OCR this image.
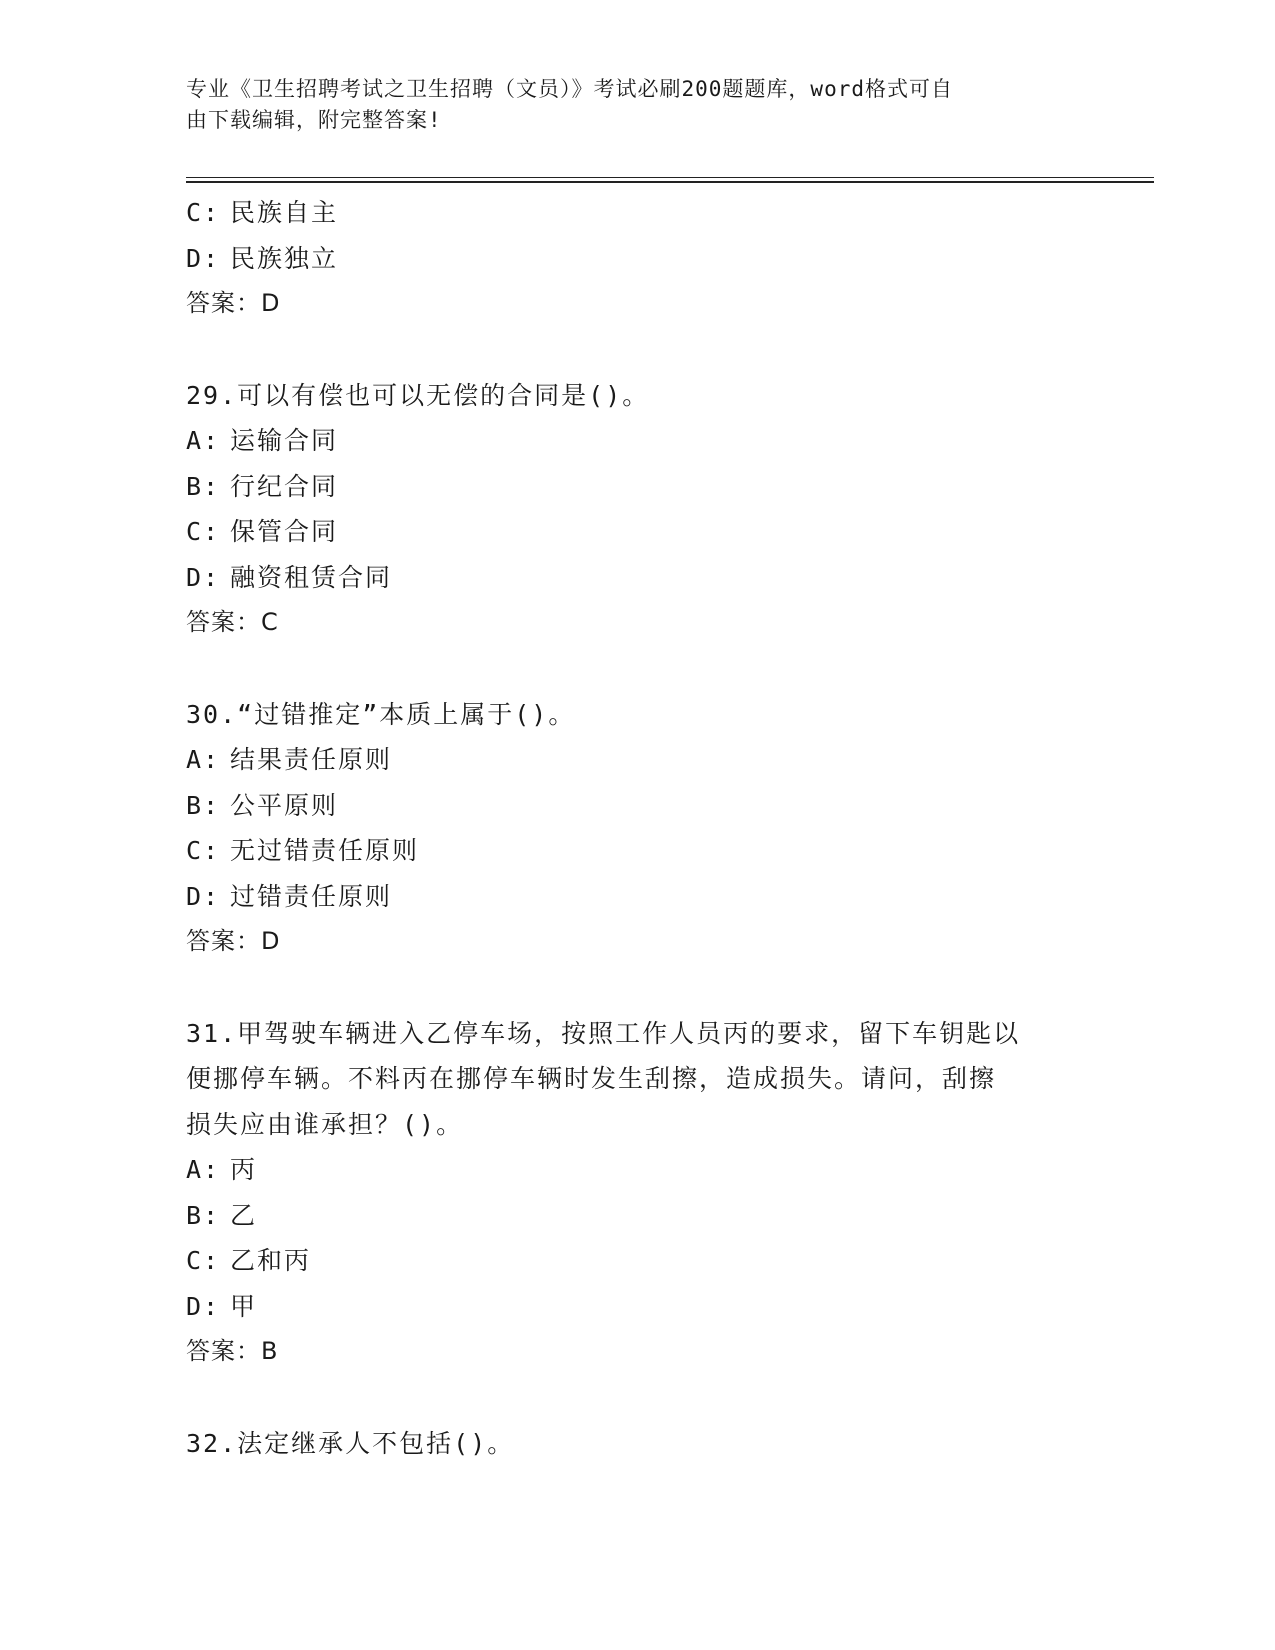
专业《卫生招聘考试之卫生招聘（文员）》考试必刷200题题库，word格式可自
由下载编辑，附完整答案!
C: 民族自主
D: 民族独立
答案：D
29.可以有偿也可以无偿的合同是()。
A: 运输合同
B: 行纪合同
C: 保管合同
D: 融资租赁合同
答案：C
30.“过错推定”本质上属于()。
A: 结果责任原则
B: 公平原则
C: 无过错责任原则
D: 过错责任原则
答案：D
31.甲驾驶车辆进入乙停车场，按照工作人员丙的要求，留下车钥匙以
便挪停车辆。不料丙在挪停车辆时发生刮擦，造成损失。请问，刮擦
损失应由谁承担？()。
A: 丙
B: 乙
C: 乙和丙
D: 甲
答案：B
32.法定继承人不包括()。
